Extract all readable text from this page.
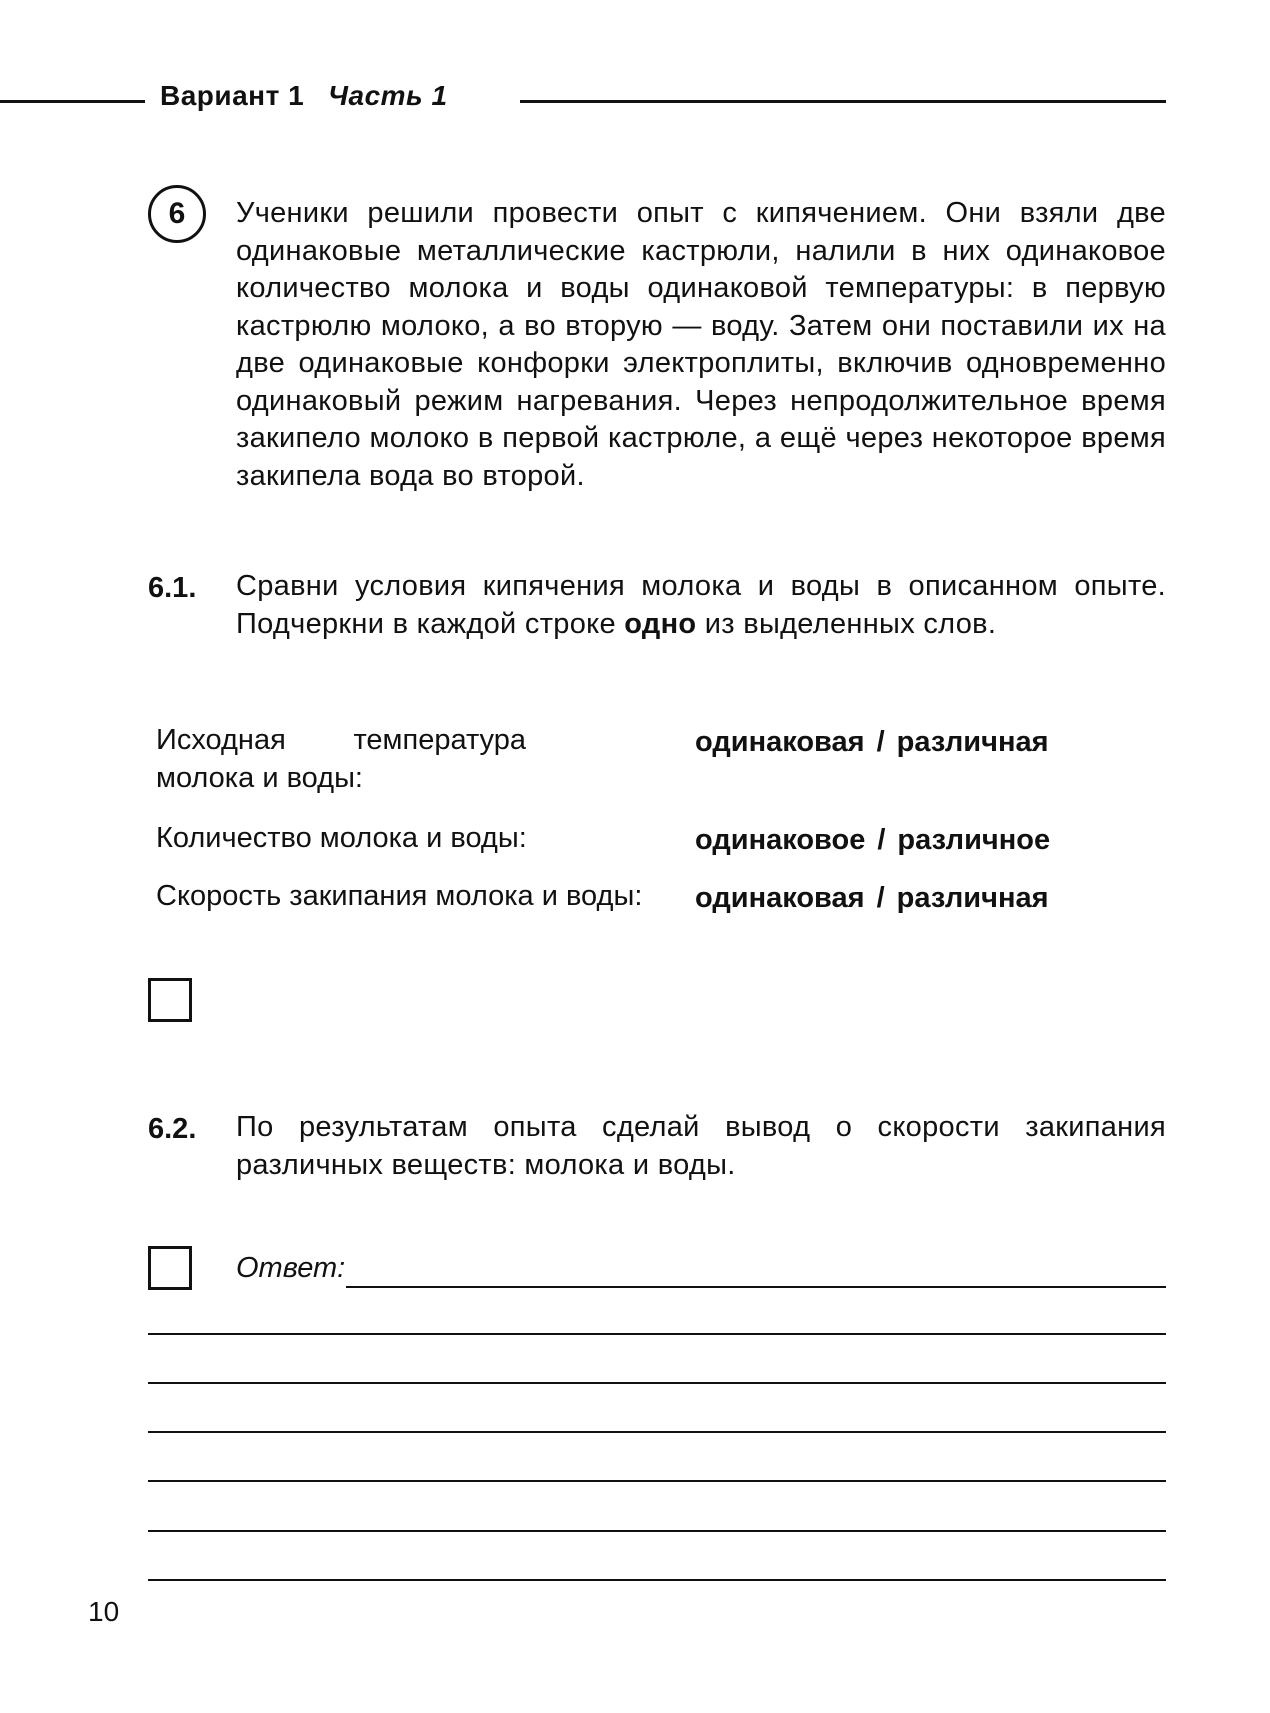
Вариант 1 Часть 1
6 Ученики решили провести опыт с кипячением. Они взяли две одинаковые металлические кастрюли, налили в них одинаковое количество молока и воды одинаковой температуры: в первую кастрюлю молоко, а во вторую — воду. Затем они поставили их на две одинаковые конфорки электроплиты, включив одновременно одинаковый режим нагревания. Через непродолжительное время закипело молоко в первой кастрюле, а ещё через некоторое время закипела вода во второй.
6.1. Сравни условия кипячения молока и воды в описанном опыте. Подчеркни в каждой строке одно из выделенных слов.
Исходная температура молока и воды:
одинаковая / различная
Количество молока и воды:	одинаковое / различное
Скорость закипания молока и воды: одинаковая / различная
6.2. По результатам опыта сделай вывод о скорости закипания различных веществ: молока и воды.
Ответ:
10
